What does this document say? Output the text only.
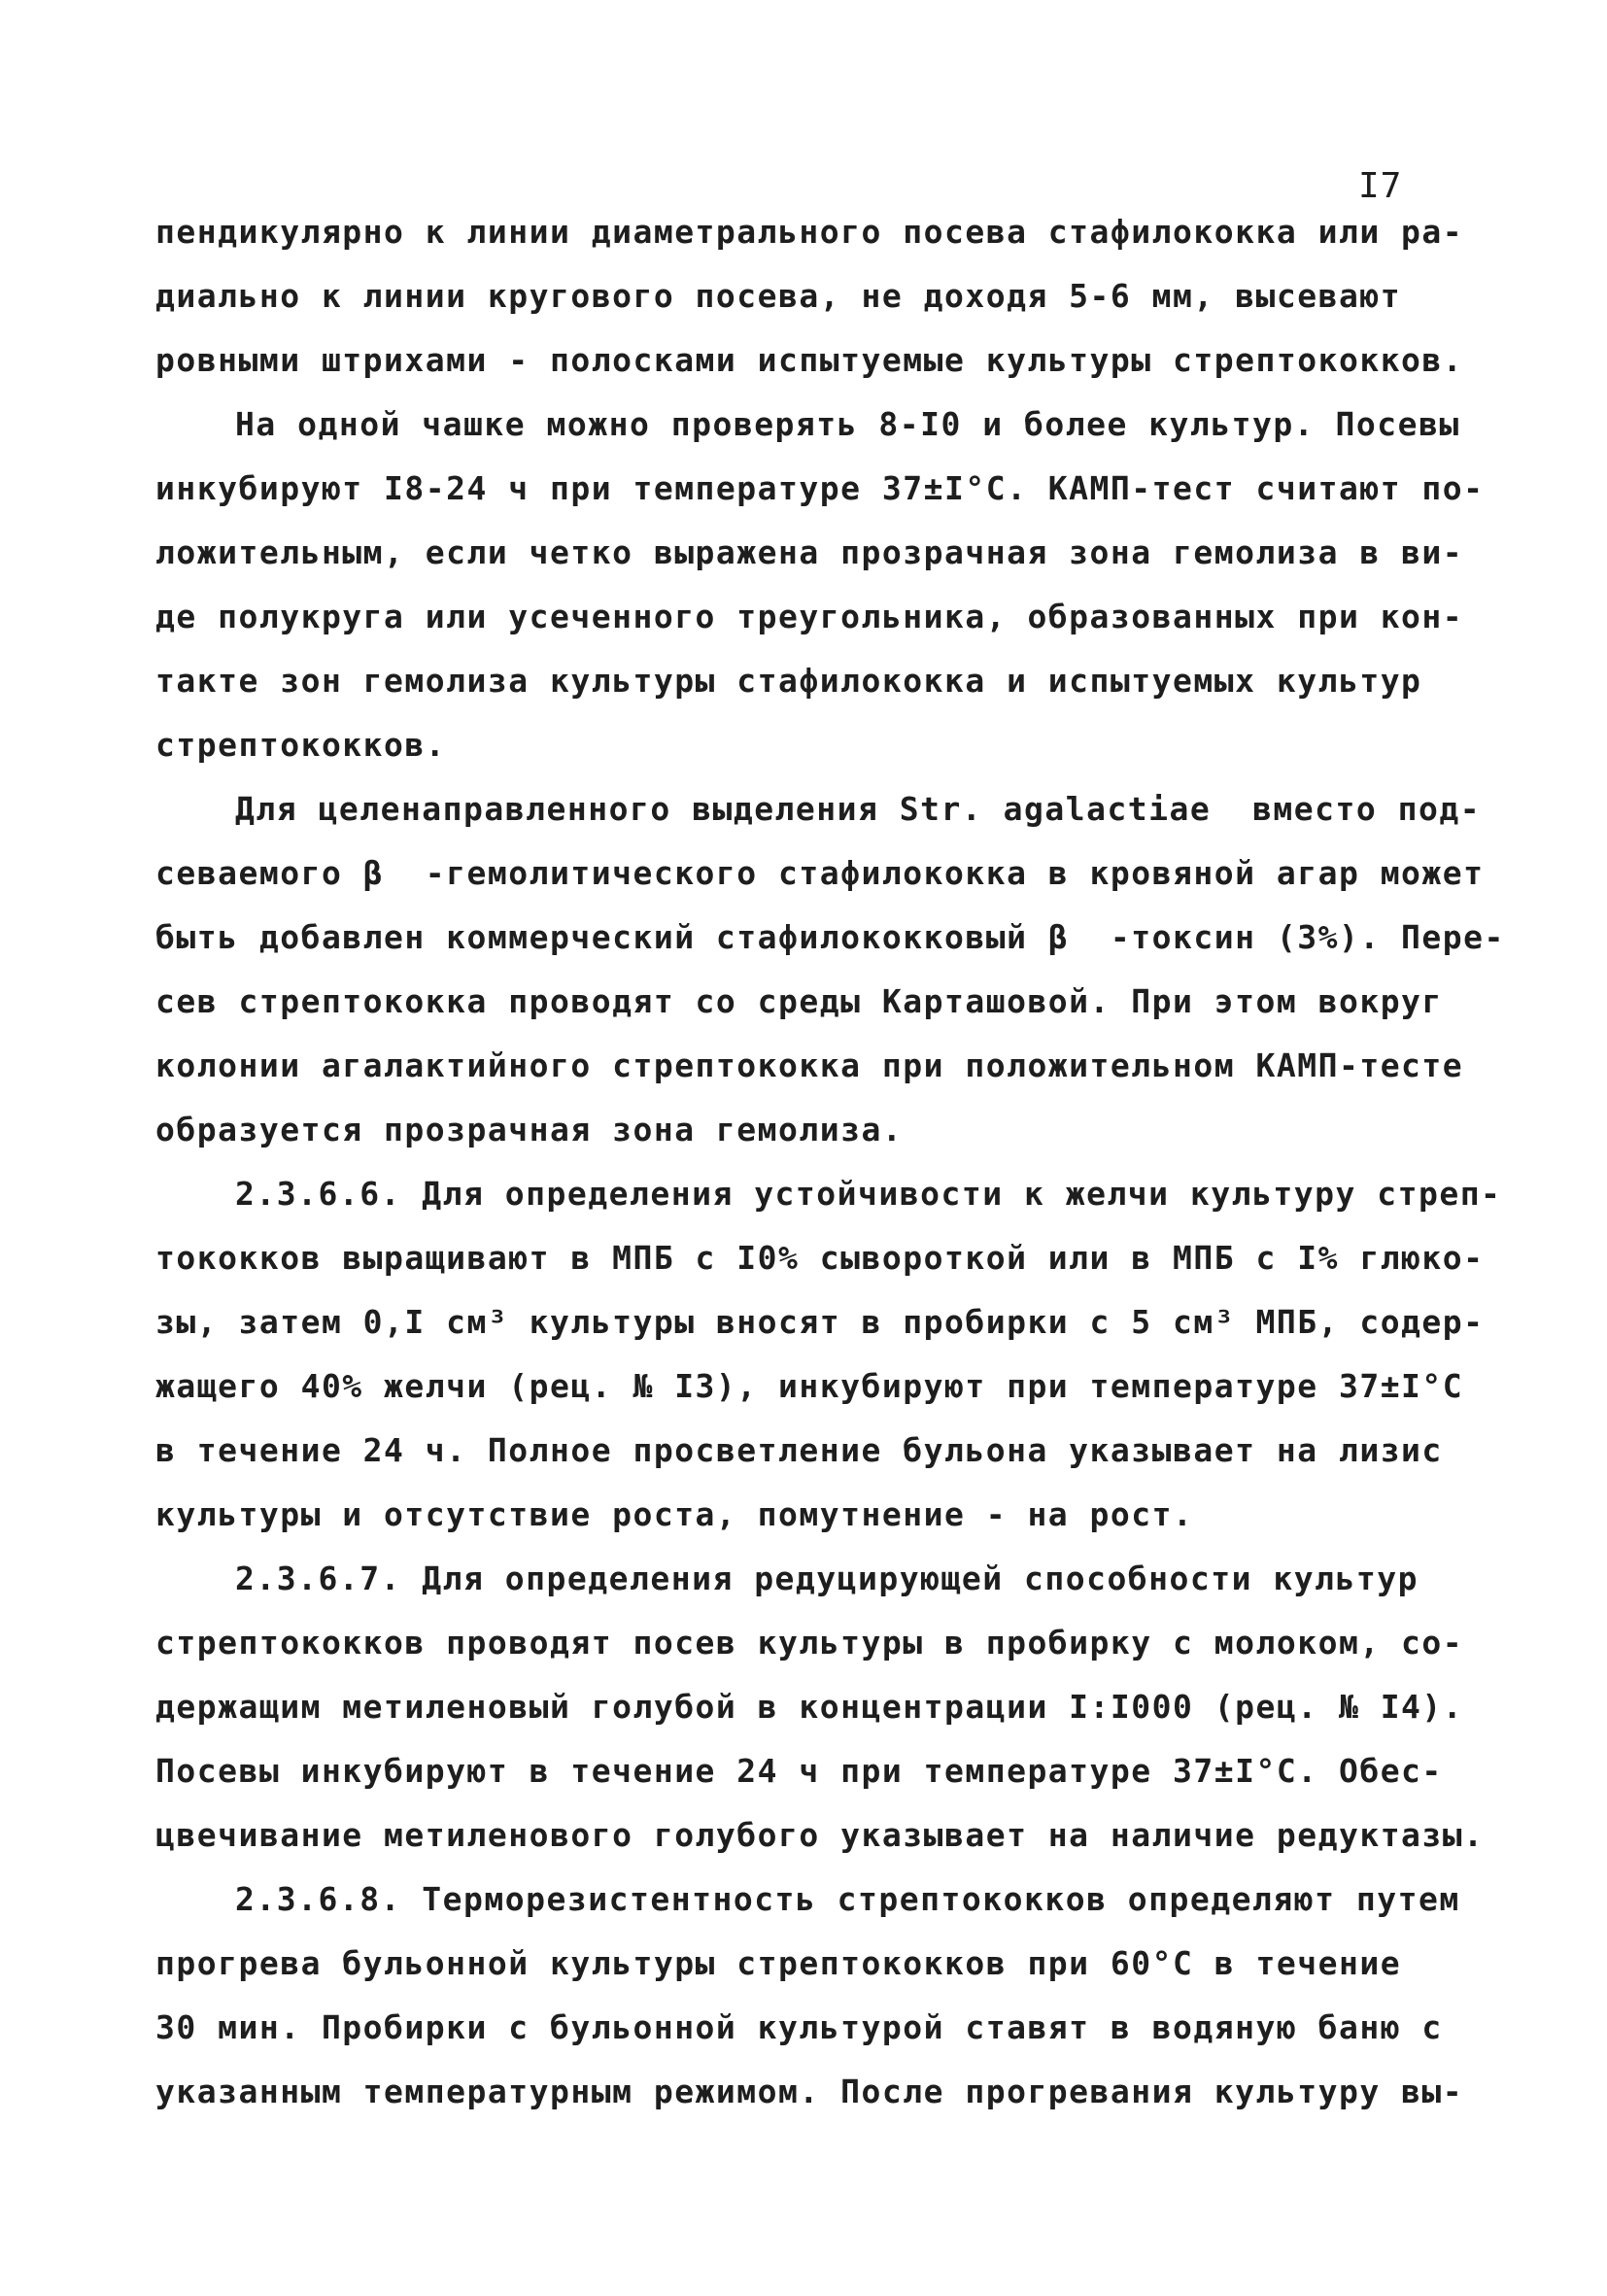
I7
пендикулярно к линии диаметрального посева стафилококка или ра-
диально к линии кругового посева, не доходя 5-6 мм, высевают
ровными штрихами - полосками испытуемые культуры стрептококков.
На одной чашке можно проверять 8-I0 и более культур. Посевы
инкубируют I8-24 ч при температуре 37±I°С. КАМП-тест считают по-
ложительным, если четко выражена прозрачная зона гемолиза в ви-
де полукруга или усеченного треугольника, образованных при кон-
такте зон гемолиза культуры стафилококка и испытуемых культур
стрептококков.
Для целенаправленного выделения Str. agalactiae  вместо под-
севаемого β  -гемолитического стафилококка в кровяной агар может
быть добавлен коммерческий стафилококковый β  -токсин (3%). Пере-
сев стрептококка проводят со среды Карташовой. При этом вокруг
колонии агалактийного стрептококка при положительном КАМП-тесте
образуется прозрачная зона гемолиза.
2.3.6.6. Для определения устойчивости к желчи культуру стреп-
тококков выращивают в МПБ с I0% сывороткой или в МПБ с I% глюко-
зы, затем 0,I см³ культуры вносят в пробирки с 5 см³ МПБ, содер-
жащего 40% желчи (рец. № I3), инкубируют при температуре 37±I°С
в течение 24 ч. Полное просветление бульона указывает на лизис
культуры и отсутствие роста, помутнение - на рост.
2.3.6.7. Для определения редуцирующей способности культур
стрептококков проводят посев культуры в пробирку с молоком, со-
держащим метиленовый голубой в концентрации I:I000 (рец. № I4).
Посевы инкубируют в течение 24 ч при температуре 37±I°С. Обес-
цвечивание метиленового голубого указывает на наличие редуктазы.
2.3.6.8. Терморезистентность стрептококков определяют путем
прогрева бульонной культуры стрептококков при 60°С в течение
30 мин. Пробирки с бульонной культурой ставят в водяную баню с
указанным температурным режимом. После прогревания культуру вы-
